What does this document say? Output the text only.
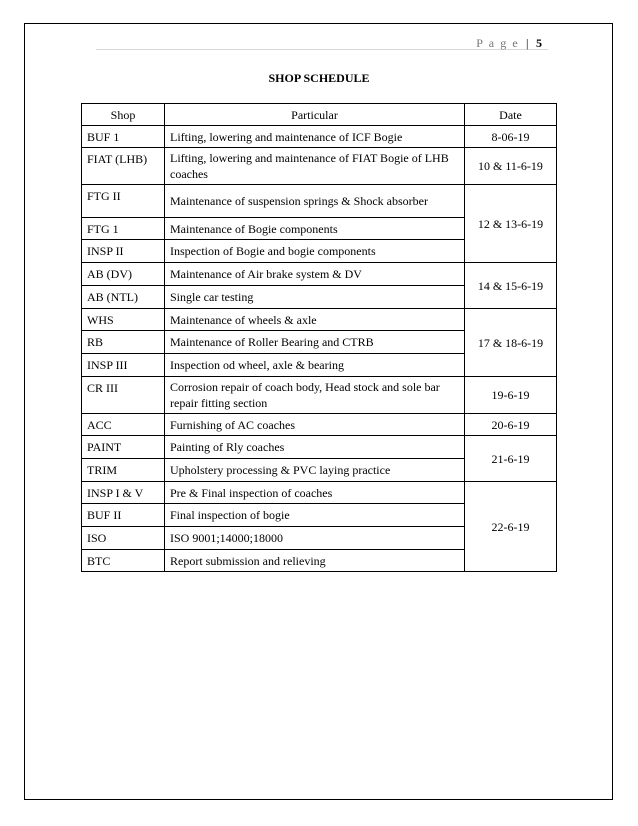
P a g e | 5
SHOP SCHEDULE
Shop	Particular	Date
BUF 1	Lifting, lowering and maintenance of ICF Bogie	8-06-19
FIAT (LHB)	Lifting, lowering and maintenance of FIAT Bogie of LHB coaches	10 & 11-6-19
FTG II	Maintenance of suspension springs & Shock absorber	12 & 13-6-19
FTG 1	Maintenance of Bogie components	
INSP II	Inspection of Bogie and bogie components	
AB (DV)	Maintenance of Air brake system & DV	14 & 15-6-19
AB (NTL)	Single car testing	
WHS	Maintenance of wheels & axle	17 & 18-6-19
RB	Maintenance of Roller Bearing and CTRB	
INSP III	Inspection od wheel, axle & bearing	
CR III	Corrosion repair of coach body, Head stock and sole bar repair fitting section	19-6-19
ACC	Furnishing of AC coaches	20-6-19
PAINT	Painting of Rly coaches	21-6-19
TRIM	Upholstery processing & PVC laying practice	
INSP I & V	Pre & Final inspection of coaches	22-6-19
BUF II	Final inspection of bogie	
ISO	ISO 9001;14000;18000	
BTC	Report submission and relieving	
